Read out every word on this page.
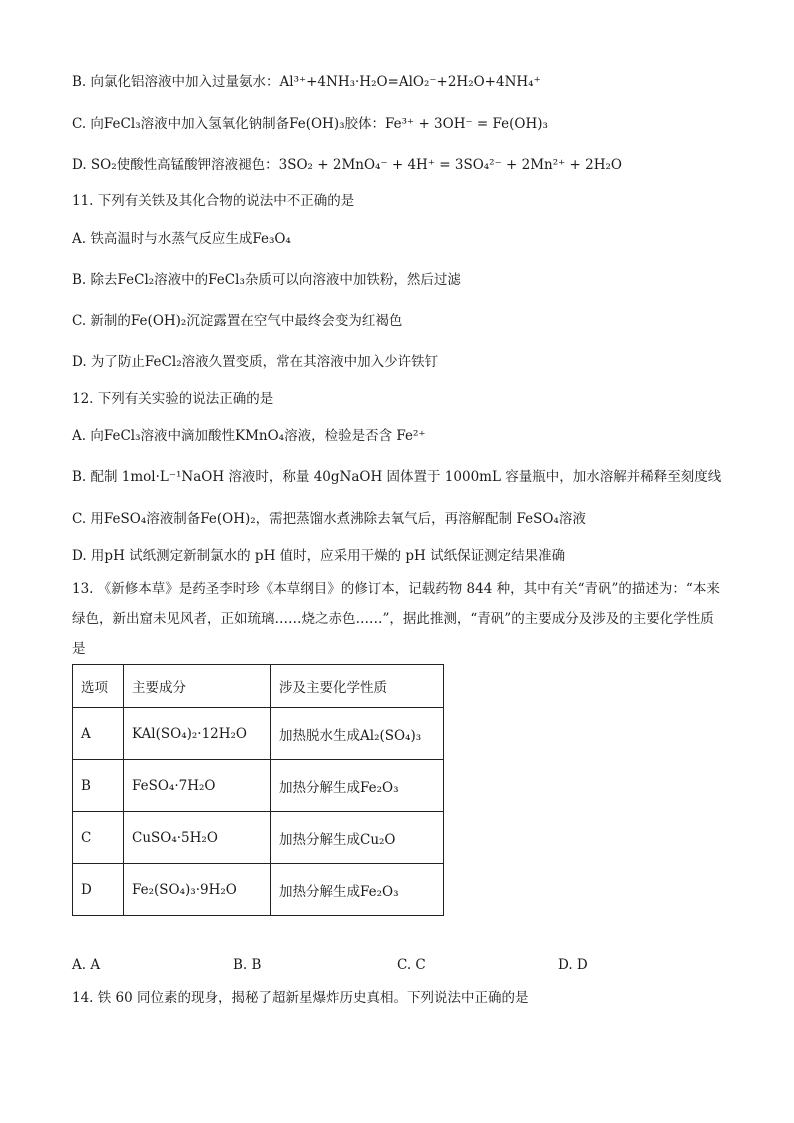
B. 向氯化铝溶液中加入过量氨水：Al³⁺+4NH₃·H₂O=AlO₂⁻+2H₂O+4NH₄⁺
C. 向FeCl₃溶液中加入氢氧化钠制备Fe(OH)₃胶体：Fe³⁺ + 3OH⁻ = Fe(OH)₃
D. SO₂使酸性高锰酸钾溶液褪色：3SO₂ + 2MnO₄⁻ + 4H⁺ = 3SO₄²⁻ + 2Mn²⁺ + 2H₂O
11. 下列有关铁及其化合物的说法中不正确的是
A. 铁高温时与水蒸气反应生成Fe₃O₄
B. 除去FeCl₂溶液中的FeCl₃杂质可以向溶液中加铁粉，然后过滤
C. 新制的Fe(OH)₂沉淀露置在空气中最终会变为红褐色
D. 为了防止FeCl₂溶液久置变质，常在其溶液中加入少许铁钉
12. 下列有关实验的说法正确的是
A. 向FeCl₃溶液中滴加酸性KMnO₄溶液，检验是否含 Fe²⁺
B. 配制 1mol·L⁻¹NaOH 溶液时，称量 40gNaOH 固体置于 1000mL 容量瓶中，加水溶解并稀释至刻度线
C. 用FeSO₄溶液制备Fe(OH)₂，需把蒸馏水煮沸除去氧气后，再溶解配制 FeSO₄溶液
D. 用pH 试纸测定新制氯水的 pH 值时，应采用干燥的 pH 试纸保证测定结果准确
13. 《新修本草》是药圣李时珍《本草纲目》的修订本，记载药物 844 种，其中有关“青矾”的描述为：“本来绿色，新出窟未见风者，正如琉璃……烧之赤色……”，据此推测，“青矾”的主要成分及涉及的主要化学性质是
选项	主要成分	涉及主要化学性质
A	KAl(SO₄)₂·12H₂O	加热脱水生成Al₂(SO₄)₃
B	FeSO₄·7H₂O	加热分解生成Fe₂O₃
C	CuSO₄·5H₂O	加热分解生成Cu₂O
D	Fe₂(SO₄)₃·9H₂O	加热分解生成Fe₂O₃
A. A	B. B	C. C	D. D
14. 铁 60 同位素的现身，揭秘了超新星爆炸历史真相。下列说法中正确的是
